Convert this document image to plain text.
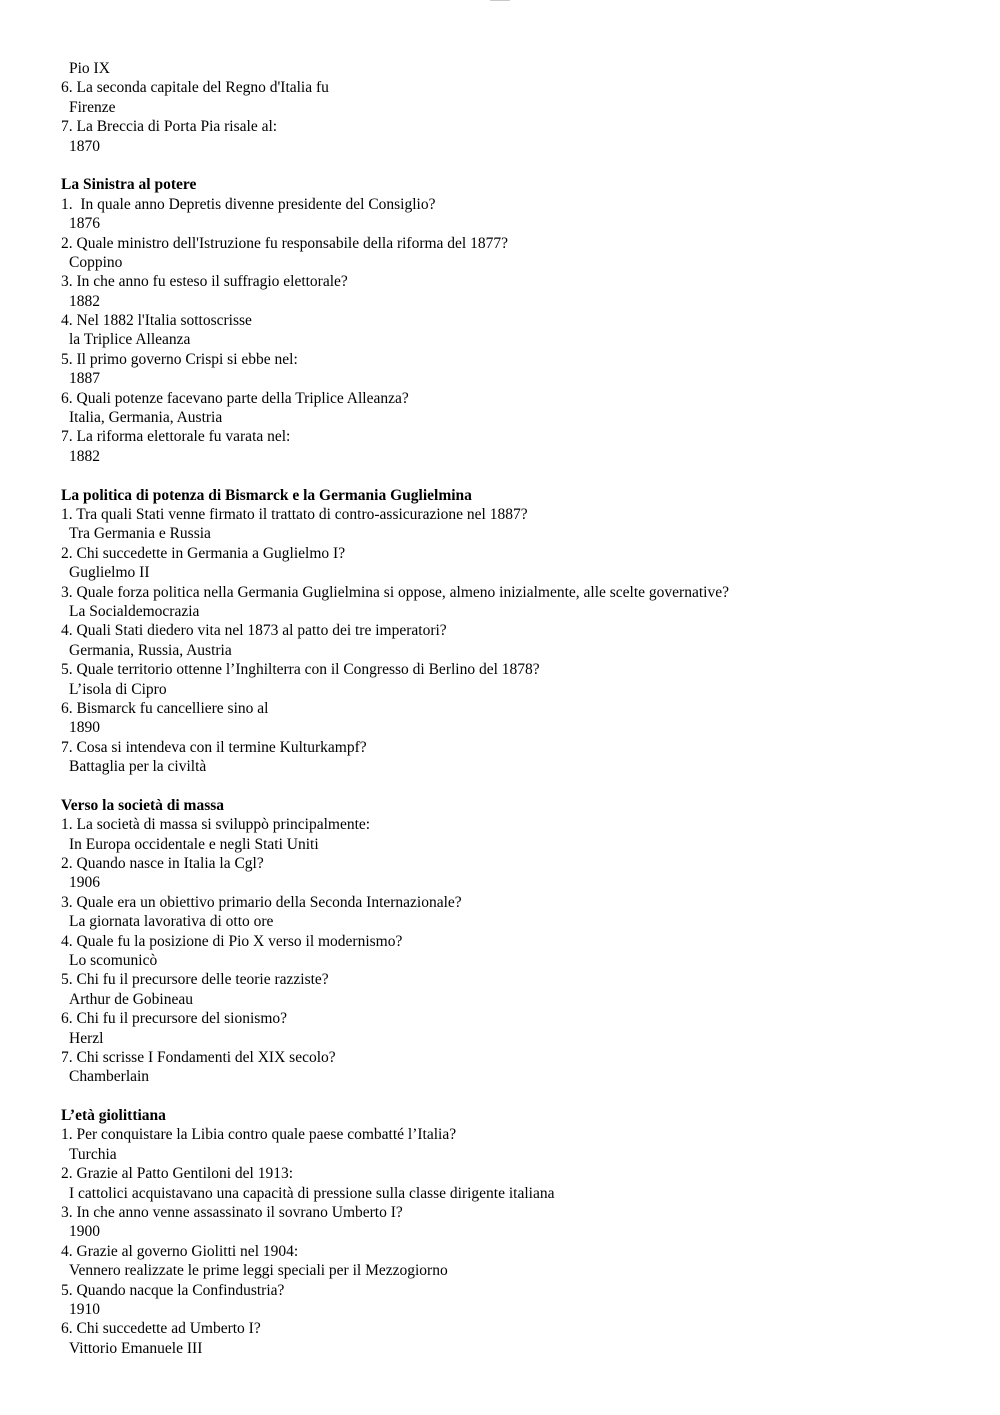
Pio IX
6. La seconda capitale del Regno d'Italia fu
Firenze
7. La Breccia di Porta Pia risale al:
1870
La Sinistra al potere
1.  In quale anno Depretis divenne presidente del Consiglio?
1876
2. Quale ministro dell'Istruzione fu responsabile della riforma del 1877?
Coppino
3. In che anno fu esteso il suffragio elettorale?
1882
4. Nel 1882 l'Italia sottoscrisse
la Triplice Alleanza
5. Il primo governo Crispi si ebbe nel:
1887
6. Quali potenze facevano parte della Triplice Alleanza?
Italia, Germania, Austria
7. La riforma elettorale fu varata nel:
1882
La politica di potenza di Bismarck e la Germania Guglielmina
1. Tra quali Stati venne firmato il trattato di contro-assicurazione nel 1887?
Tra Germania e Russia
2. Chi succedette in Germania a Guglielmo I?
Guglielmo II
3. Quale forza politica nella Germania Guglielmina si oppose, almeno inizialmente, alle scelte governative?
La Socialdemocrazia
4. Quali Stati diedero vita nel 1873 al patto dei tre imperatori?
Germania, Russia, Austria
5. Quale territorio ottenne l’Inghilterra con il Congresso di Berlino del 1878?
L’isola di Cipro
6. Bismarck fu cancelliere sino al
1890
7. Cosa si intendeva con il termine Kulturkampf?
Battaglia per la civiltà
Verso la società di massa
1. La società di massa si sviluppò principalmente:
In Europa occidentale e negli Stati Uniti
2. Quando nasce in Italia la Cgl?
1906
3. Quale era un obiettivo primario della Seconda Internazionale?
La giornata lavorativa di otto ore
4. Quale fu la posizione di Pio X verso il modernismo?
Lo scomunicò
5. Chi fu il precursore delle teorie razziste?
Arthur de Gobineau
6. Chi fu il precursore del sionismo?
Herzl
7. Chi scrisse I Fondamenti del XIX secolo?
Chamberlain
L’età giolittiana
1. Per conquistare la Libia contro quale paese combatté l’Italia?
Turchia
2. Grazie al Patto Gentiloni del 1913:
I cattolici acquistavano una capacità di pressione sulla classe dirigente italiana
3. In che anno venne assassinato il sovrano Umberto I?
1900
4. Grazie al governo Giolitti nel 1904:
Vennero realizzate le prime leggi speciali per il Mezzogiorno
5. Quando nacque la Confindustria?
1910
6. Chi succedette ad Umberto I?
Vittorio Emanuele III
